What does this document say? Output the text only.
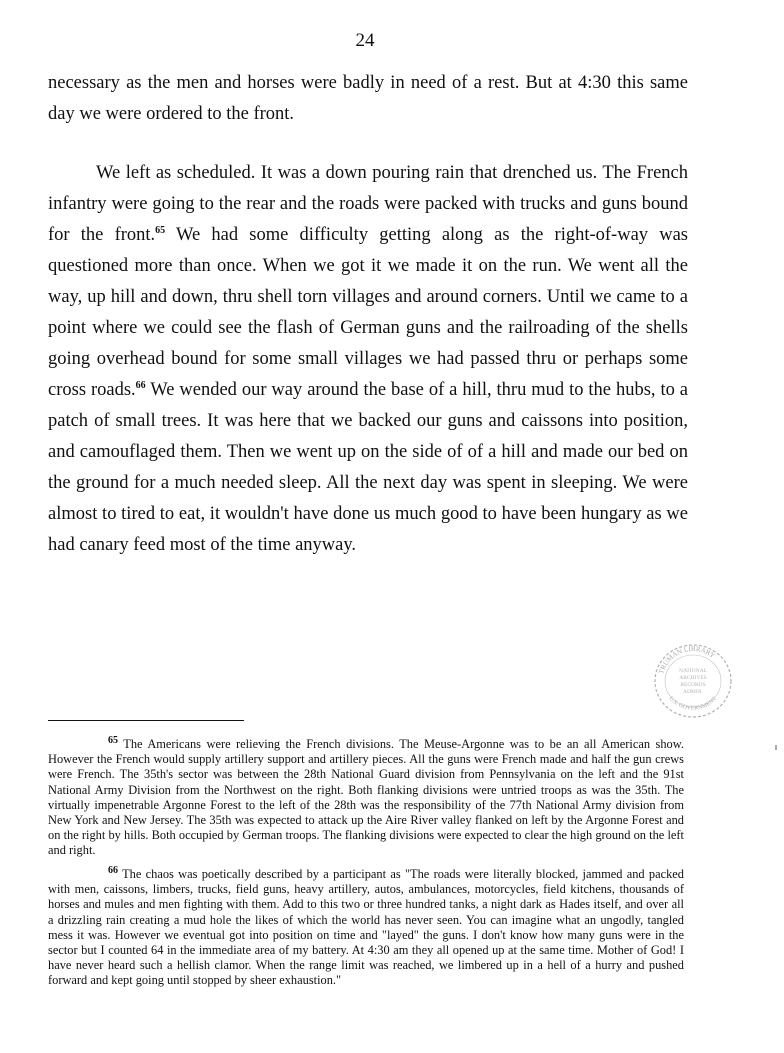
24

necessary as the men and horses were badly in need of a rest. But at 4:30 this same day we were ordered to the front.

We left as scheduled. It was a down pouring rain that drenched us. The French infantry were going to the rear and the roads were packed with trucks and guns bound for the front.$^{65}$ We had some difficulty getting along as the right-of-way was questioned more than once. When we got it we made it on the run. We went all the way, up hill and down, thru shell torn villages and around corners. Until we came to a point where we could see the flash of German guns and the railroading of the shells going overhead bound for some small villages we had passed thru or perhaps some cross roads.$^{66}$ We wended our way around the base of a hill, thru mud to the hubs, to a patch of small trees. It was here that we backed our guns and caissons into position, and camouflaged them. Then we went up on the side of of a hill and made our bed on the ground for a much needed sleep. All the next day was spent in sleeping. We were almost to tired to eat, it wouldn't have done us much good to have been hungary as we had canary feed most of the time anyway.

$^{65}$ The Americans were relieving the French divisions. The Meuse-Argonne was to be an all American show. However the French would supply artillery support and artillery pieces. All the guns were French made and half the gun crews were French. The 35th's sector was between the 28th National Guard division from Pennsylvania on the left and the 91st National Army Division from the Northwest on the right. Both flanking divisions were untried troops as was the 35th. The virtually impenetrable Argonne Forest to the left of the 28th was the responsibility of the 77th National Army division from New York and New Jersey. The 35th was expected to attack up the Aire River valley flanked on left by the Argonne Forest and on the right by hills. Both occupied by German troops. The flanking divisions were expected to clear the high ground on the left and right.

$^{66}$ The chaos was poetically described by a participant as "The roads were literally blocked, jammed and packed with men, caissons, limbers, trucks, field guns, heavy artillery, autos, ambulances, motorcycles, field kitchens, thousands of horses and mules and men fighting with them. Add to this two or three hundred tanks, a night dark as Hades itself, and over all a drizzling rain creating a mud hole the likes of which the world has never seen. You can imagine what an ungodly, tangled mess it was. However we eventual got into position on time and "layed" the guns. I don't know how many guns were in the sector but I counted 64 in the immediate area of my battery. At 4:30 am they all opened up at the same time. Mother of God! I have never heard such a hellish clamor. When the range limit was reached, we limbered up in a hell of a hurry and pushed forward and kept going until stopped by sheer exhaustion."

TRUMAN LIBRARY
U.S. GOVERNMENT
NATIONAL
ARCHIVES
RECORDS
ADMIN.
